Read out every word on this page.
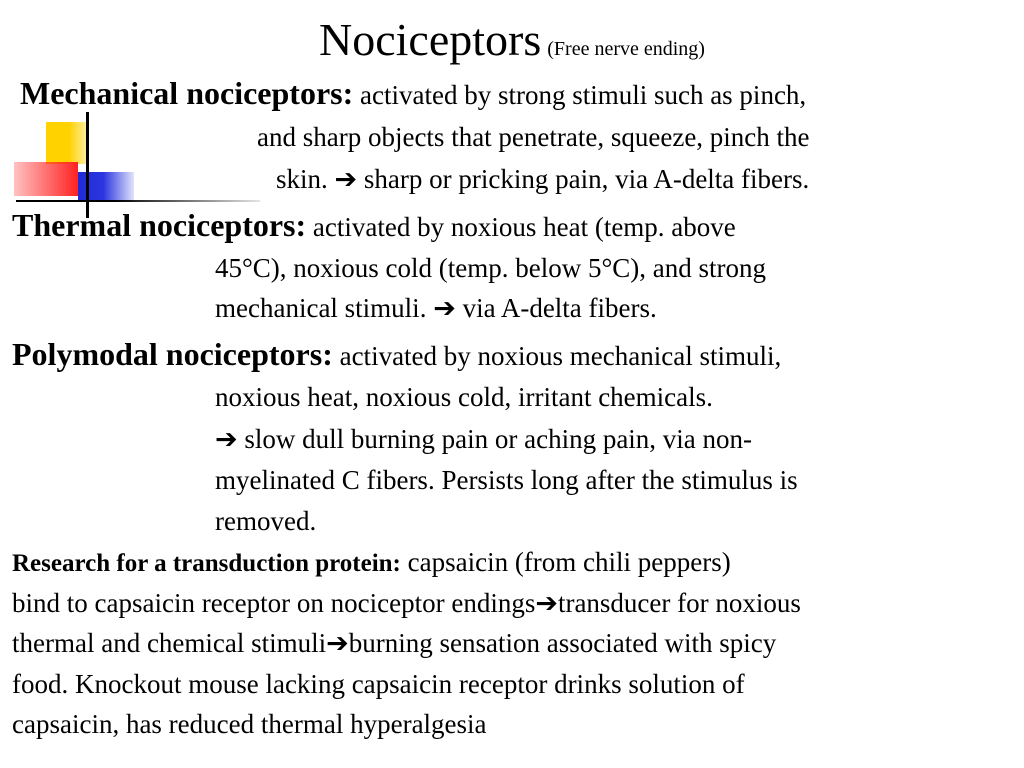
Nociceptors (Free nerve ending)
Mechanical nociceptors: activated by strong stimuli such as pinch,
and sharp objects that penetrate, squeeze, pinch the
skin. ➔ sharp or pricking pain, via A-delta fibers.
Thermal nociceptors: activated by noxious heat (temp. above
45°C), noxious cold (temp. below 5°C), and strong
mechanical stimuli. ➔ via A-delta fibers.
Polymodal nociceptors: activated by noxious mechanical stimuli,
noxious heat, noxious cold, irritant chemicals.
➔ slow dull burning pain or aching pain, via non-
myelinated C fibers. Persists long after the stimulus is
removed.
Research for a transduction protein: capsaicin (from chili peppers)
bind to capsaicin receptor on nociceptor endings➔transducer for noxious
thermal and chemical stimuli➔burning sensation associated with spicy
food. Knockout mouse lacking capsaicin receptor drinks solution of
capsaicin, has reduced thermal hyperalgesia
